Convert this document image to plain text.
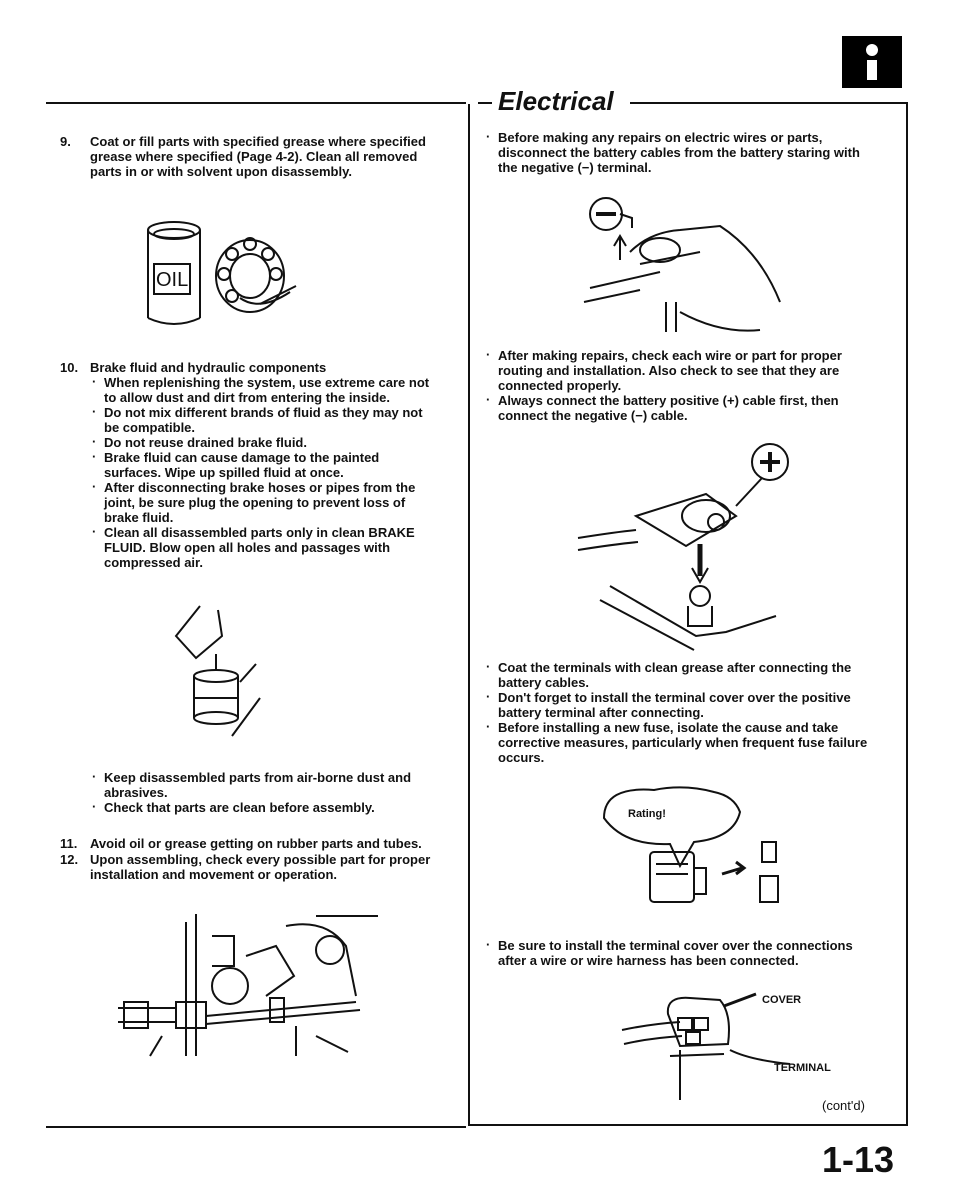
Electrical
9. Coat or fill parts with specified grease where specified grease where specified (Page 4-2). Clean all removed parts in or with solvent upon disassembly.
OIL
10. Brake fluid and hydraulic components
· When replenishing the system, use extreme care not to allow dust and dirt from entering the inside.
· Do not mix different brands of fluid as they may not be compatible.
· Do not reuse drained brake fluid.
· Brake fluid can cause damage to the painted surfaces. Wipe up spilled fluid at once.
· After disconnecting brake hoses or pipes from the joint, be sure plug the opening to prevent loss of brake fluid.
· Clean all disassembled parts only in clean BRAKE FLUID. Blow open all holes and passages with compressed air.
· Keep disassembled parts from air-borne dust and abrasives.
· Check that parts are clean before assembly.
11. Avoid oil or grease getting on rubber parts and tubes.
12. Upon assembling, check every possible part for proper installation and movement or operation.
· Before making any repairs on electric wires or parts, disconnect the battery cables from the battery staring with the negative (−) terminal.
· After making repairs, check each wire or part for proper routing and installation. Also check to see that they are connected properly.
· Always connect the battery positive (+) cable first, then connect the negative (−) cable.
· Coat the terminals with clean grease after connecting the battery cables.
· Don't forget to install the terminal cover over the positive battery terminal after connecting.
· Before installing a new fuse, isolate the cause and take corrective measures, particularly when frequent fuse failure occurs.
Rating!
· Be sure to install the terminal cover over the connections after a wire or wire harness has been connected.
COVER
TERMINAL
(cont'd)
1-13
